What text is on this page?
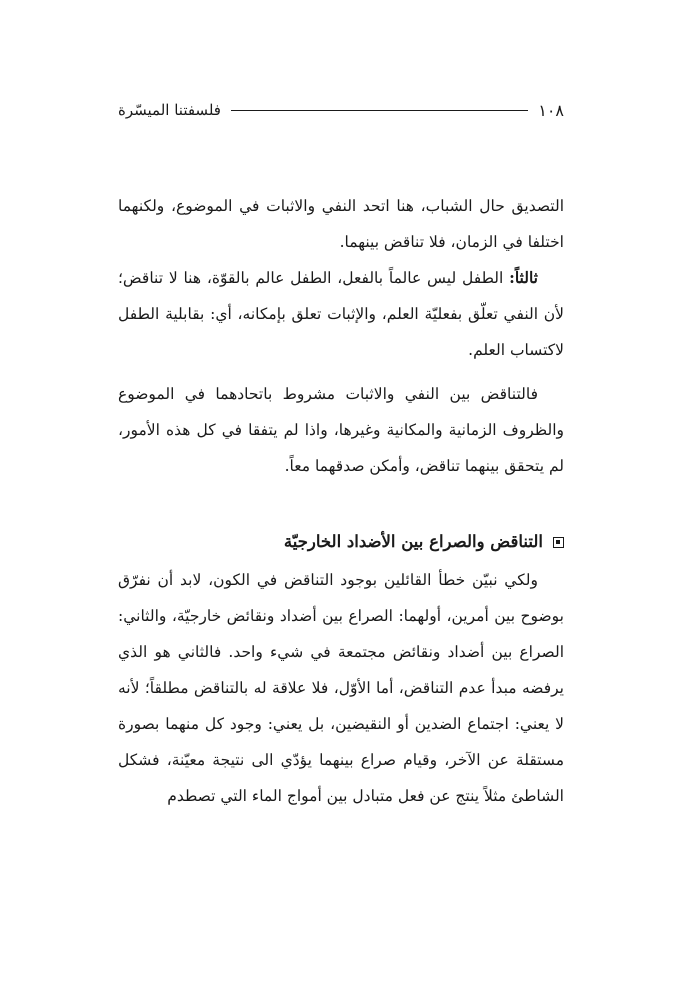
١٠٨
فلسفتنا الميسّرة

التصديق حال الشباب، هنا اتحد النفي والاثبات في الموضوع، ولكنهما اختلفا في الزمان، فلا تناقض بينهما.

ثالثاً: الطفل ليس عالماً بالفعل، الطفل عالم بالقوّة، هنا لا تناقض؛ لأن النفي تعلّق بفعليّة العلم، والإثبات تعلق بإمكانه، أي: بقابلية الطفل لاكتساب العلم.

فالتناقض بين النفي والاثبات مشروط باتحادهما في الموضوع والظروف الزمانية والمكانية وغيرها، واذا لم يتفقا في كل هذه الأمور، لم يتحقق بينهما تناقض، وأمكن صدقهما معاً.

التناقض والصراع بين الأضداد الخارجيّة

ولكي نبيّن خطأ القائلين بوجود التناقض في الكون، لابد أن نفرّق بوضوح بين أمرين، أولهما: الصراع بين أضداد ونقائض خارجيّة، والثاني: الصراع بين أضداد ونقائض مجتمعة في شيء واحد. فالثاني هو الذي يرفضه مبدأ عدم التناقض، أما الأوّل، فلا علاقة له بالتناقض مطلقاً؛ لأنه لا يعني: اجتماع الضدين أو النقيضين، بل يعني: وجود كل منهما بصورة مستقلة عن الآخر، وقيام صراع بينهما يؤدّي الى نتيجة معيّنة، فشكل الشاطئ مثلاً ينتج عن فعل متبادل بين أمواج الماء التي تصطدم
